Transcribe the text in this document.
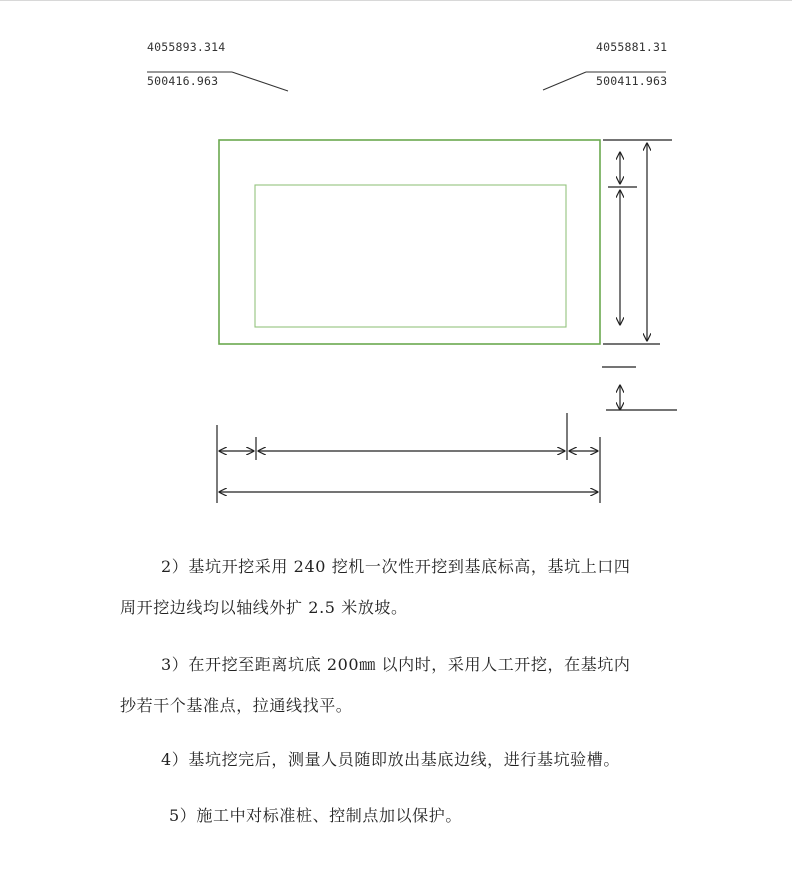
4055893.314
500416.963
4055881.31
500411.963
2）基坑开挖采用 240 挖机一次性开挖到基底标高，基坑上口四
周开挖边线均以轴线外扩 2.5 米放坡。
3）在开挖至距离坑底 200㎜ 以内时，采用人工开挖，在基坑内
抄若干个基准点，拉通线找平。
4）基坑挖完后，测量人员随即放出基底边线，进行基坑验槽。
5）施工中对标准桩、控制点加以保护。
